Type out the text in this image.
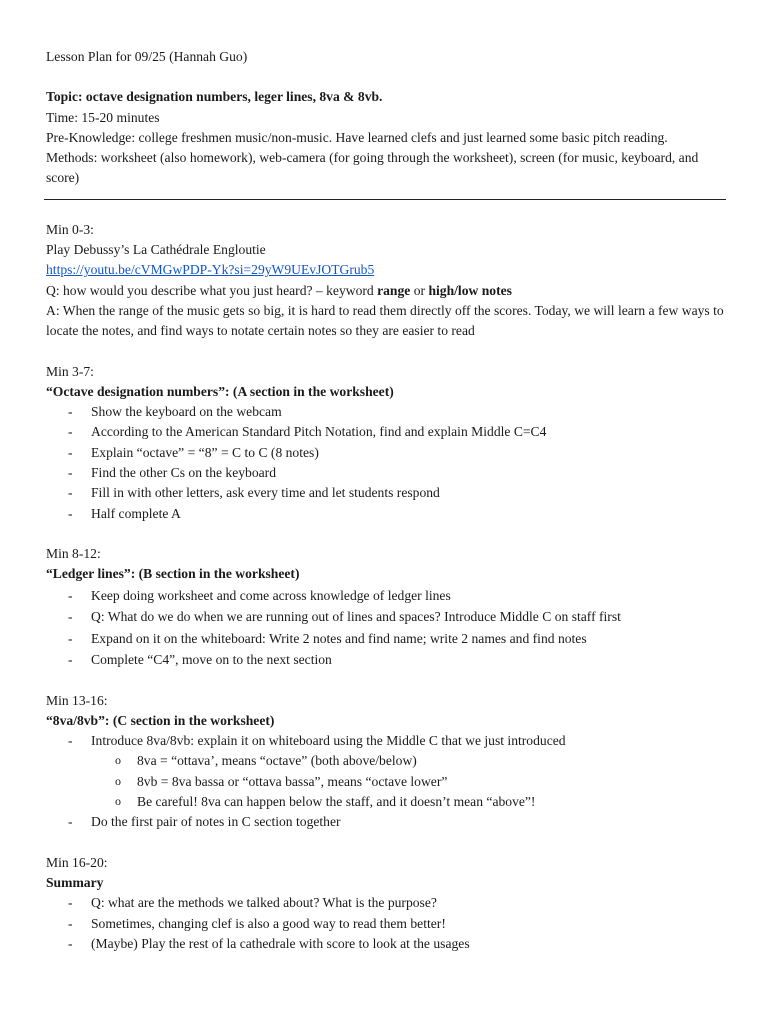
Lesson Plan for 09/25 (Hannah Guo)

Topic: octave designation numbers, leger lines, 8va & 8vb.

Time: 15-20 minutes

Pre-Knowledge: college freshmen music/non-music. Have learned clefs and just learned some basic pitch reading.

Methods: worksheet (also homework), web-camera (for going through the worksheet), screen (for music, keyboard, and score)

Min 0-3:

Play Debussy’s La Cathédrale Engloutie

https://youtu.be/cVMGwPDP-Yk?si=29yW9UEvJOTGrub5

Q: how would you describe what you just heard? – keyword range or high/low notes

A: When the range of the music gets so big, it is hard to read them directly off the scores. Today, we will learn a few ways to locate the notes, and find ways to notate certain notes so they are easier to read

Min 3-7:

“Octave designation numbers”: (A section in the worksheet)

- Show the keyboard on the webcam
- According to the American Standard Pitch Notation, find and explain Middle C=C4
- Explain “octave” = “8” = C to C (8 notes)
- Find the other Cs on the keyboard
- Fill in with other letters, ask every time and let students respond
- Half complete A

Min 8-12:

“Ledger lines”: (B section in the worksheet)

- Keep doing worksheet and come across knowledge of ledger lines
- Q: What do we do when we are running out of lines and spaces? Introduce Middle C on staff first
- Expand on it on the whiteboard: Write 2 notes and find name; write 2 names and find notes
- Complete “C4”, move on to the next section

Min 13-16:

“8va/8vb”: (C section in the worksheet)

- Introduce 8va/8vb: explain it on whiteboard using the Middle C that we just introduced
o 8va = “ottava’, means “octave” (both above/below)
o 8vb = 8va bassa or “ottava bassa”, means “octave lower”
o Be careful! 8va can happen below the staff, and it doesn’t mean “above”!
- Do the first pair of notes in C section together

Min 16-20:

Summary

- Q: what are the methods we talked about? What is the purpose?
- Sometimes, changing clef is also a good way to read them better!
- (Maybe) Play the rest of la cathedrale with score to look at the usages
